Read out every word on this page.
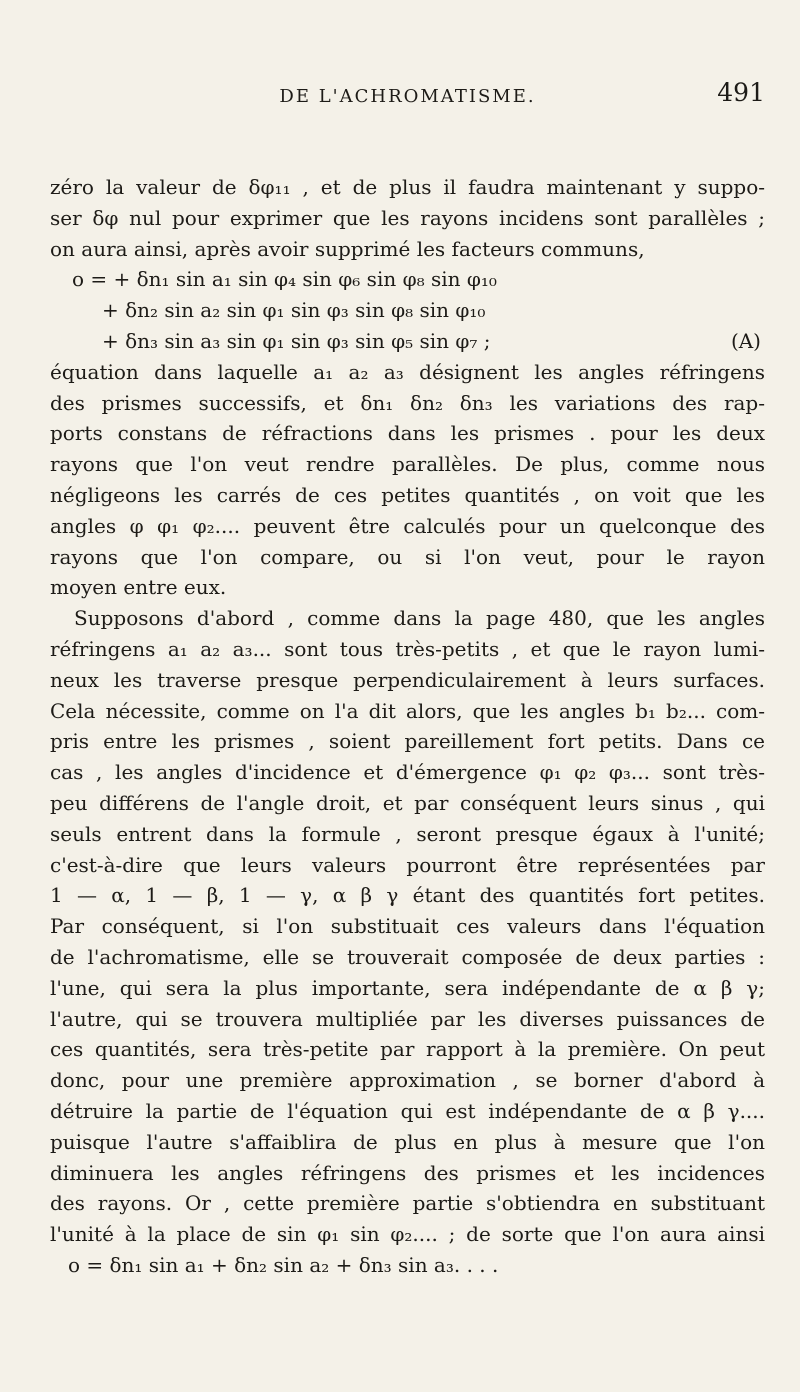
DE L'ACHROMATISME.	491
zéro la valeur de δφ₁₁ , et de plus il faudra maintenant y suppo-
ser δφ nul pour exprimer que les rayons incidens sont parallèles ;
on aura ainsi, après avoir supprimé les facteurs communs,
o = + δn₁ sin a₁ sin φ₄ sin φ₆ sin φ₈ sin φ₁₀
+ δn₂ sin a₂ sin φ₁ sin φ₃ sin φ₈ sin φ₁₀
+ δn₃ sin a₃ sin φ₁ sin φ₃ sin φ₅ sin φ₇ ;	(A)
équation dans laquelle a₁ a₂ a₃ désignent les angles réfringens
des prismes successifs, et δn₁ δn₂ δn₃ les variations des rap-
ports constans de réfractions dans les prismes . pour les deux
rayons que l'on veut rendre parallèles. De plus, comme nous
négligeons les carrés de ces petites quantités , on voit que les
angles φ φ₁ φ₂.... peuvent être calculés pour un quelconque des
rayons que l'on compare, ou si l'on veut, pour le rayon
moyen entre eux.
Supposons d'abord , comme dans la page 480, que les angles
réfringens a₁ a₂ a₃... sont tous très-petits , et que le rayon lumi-
neux les traverse presque perpendiculairement à leurs surfaces.
Cela nécessite, comme on l'a dit alors, que les angles b₁ b₂... com-
pris entre les prismes , soient pareillement fort petits. Dans ce
cas , les angles d'incidence et d'émergence φ₁ φ₂ φ₃... sont très-
peu différens de l'angle droit, et par conséquent leurs sinus , qui
seuls entrent dans la formule , seront presque égaux à l'unité;
c'est-à-dire que leurs valeurs pourront être représentées par
1 — α, 1 — β, 1 — γ, α β γ étant des quantités fort petites.
Par conséquent, si l'on substituait ces valeurs dans l'équation
de l'achromatisme, elle se trouverait composée de deux parties :
l'une, qui sera la plus importante, sera indépendante de α β γ;
l'autre, qui se trouvera multipliée par les diverses puissances de
ces quantités, sera très-petite par rapport à la première. On peut
donc, pour une première approximation , se borner d'abord à
détruire la partie de l'équation qui est indépendante de α β γ....
puisque l'autre s'affaiblira de plus en plus à mesure que l'on
diminuera les angles réfringens des prismes et les incidences
des rayons. Or , cette première partie s'obtiendra en substituant
l'unité à la place de sin φ₁ sin φ₂.... ; de sorte que l'on aura ainsi
o = δn₁ sin a₁ + δn₂ sin a₂ + δn₃ sin a₃. . . .
